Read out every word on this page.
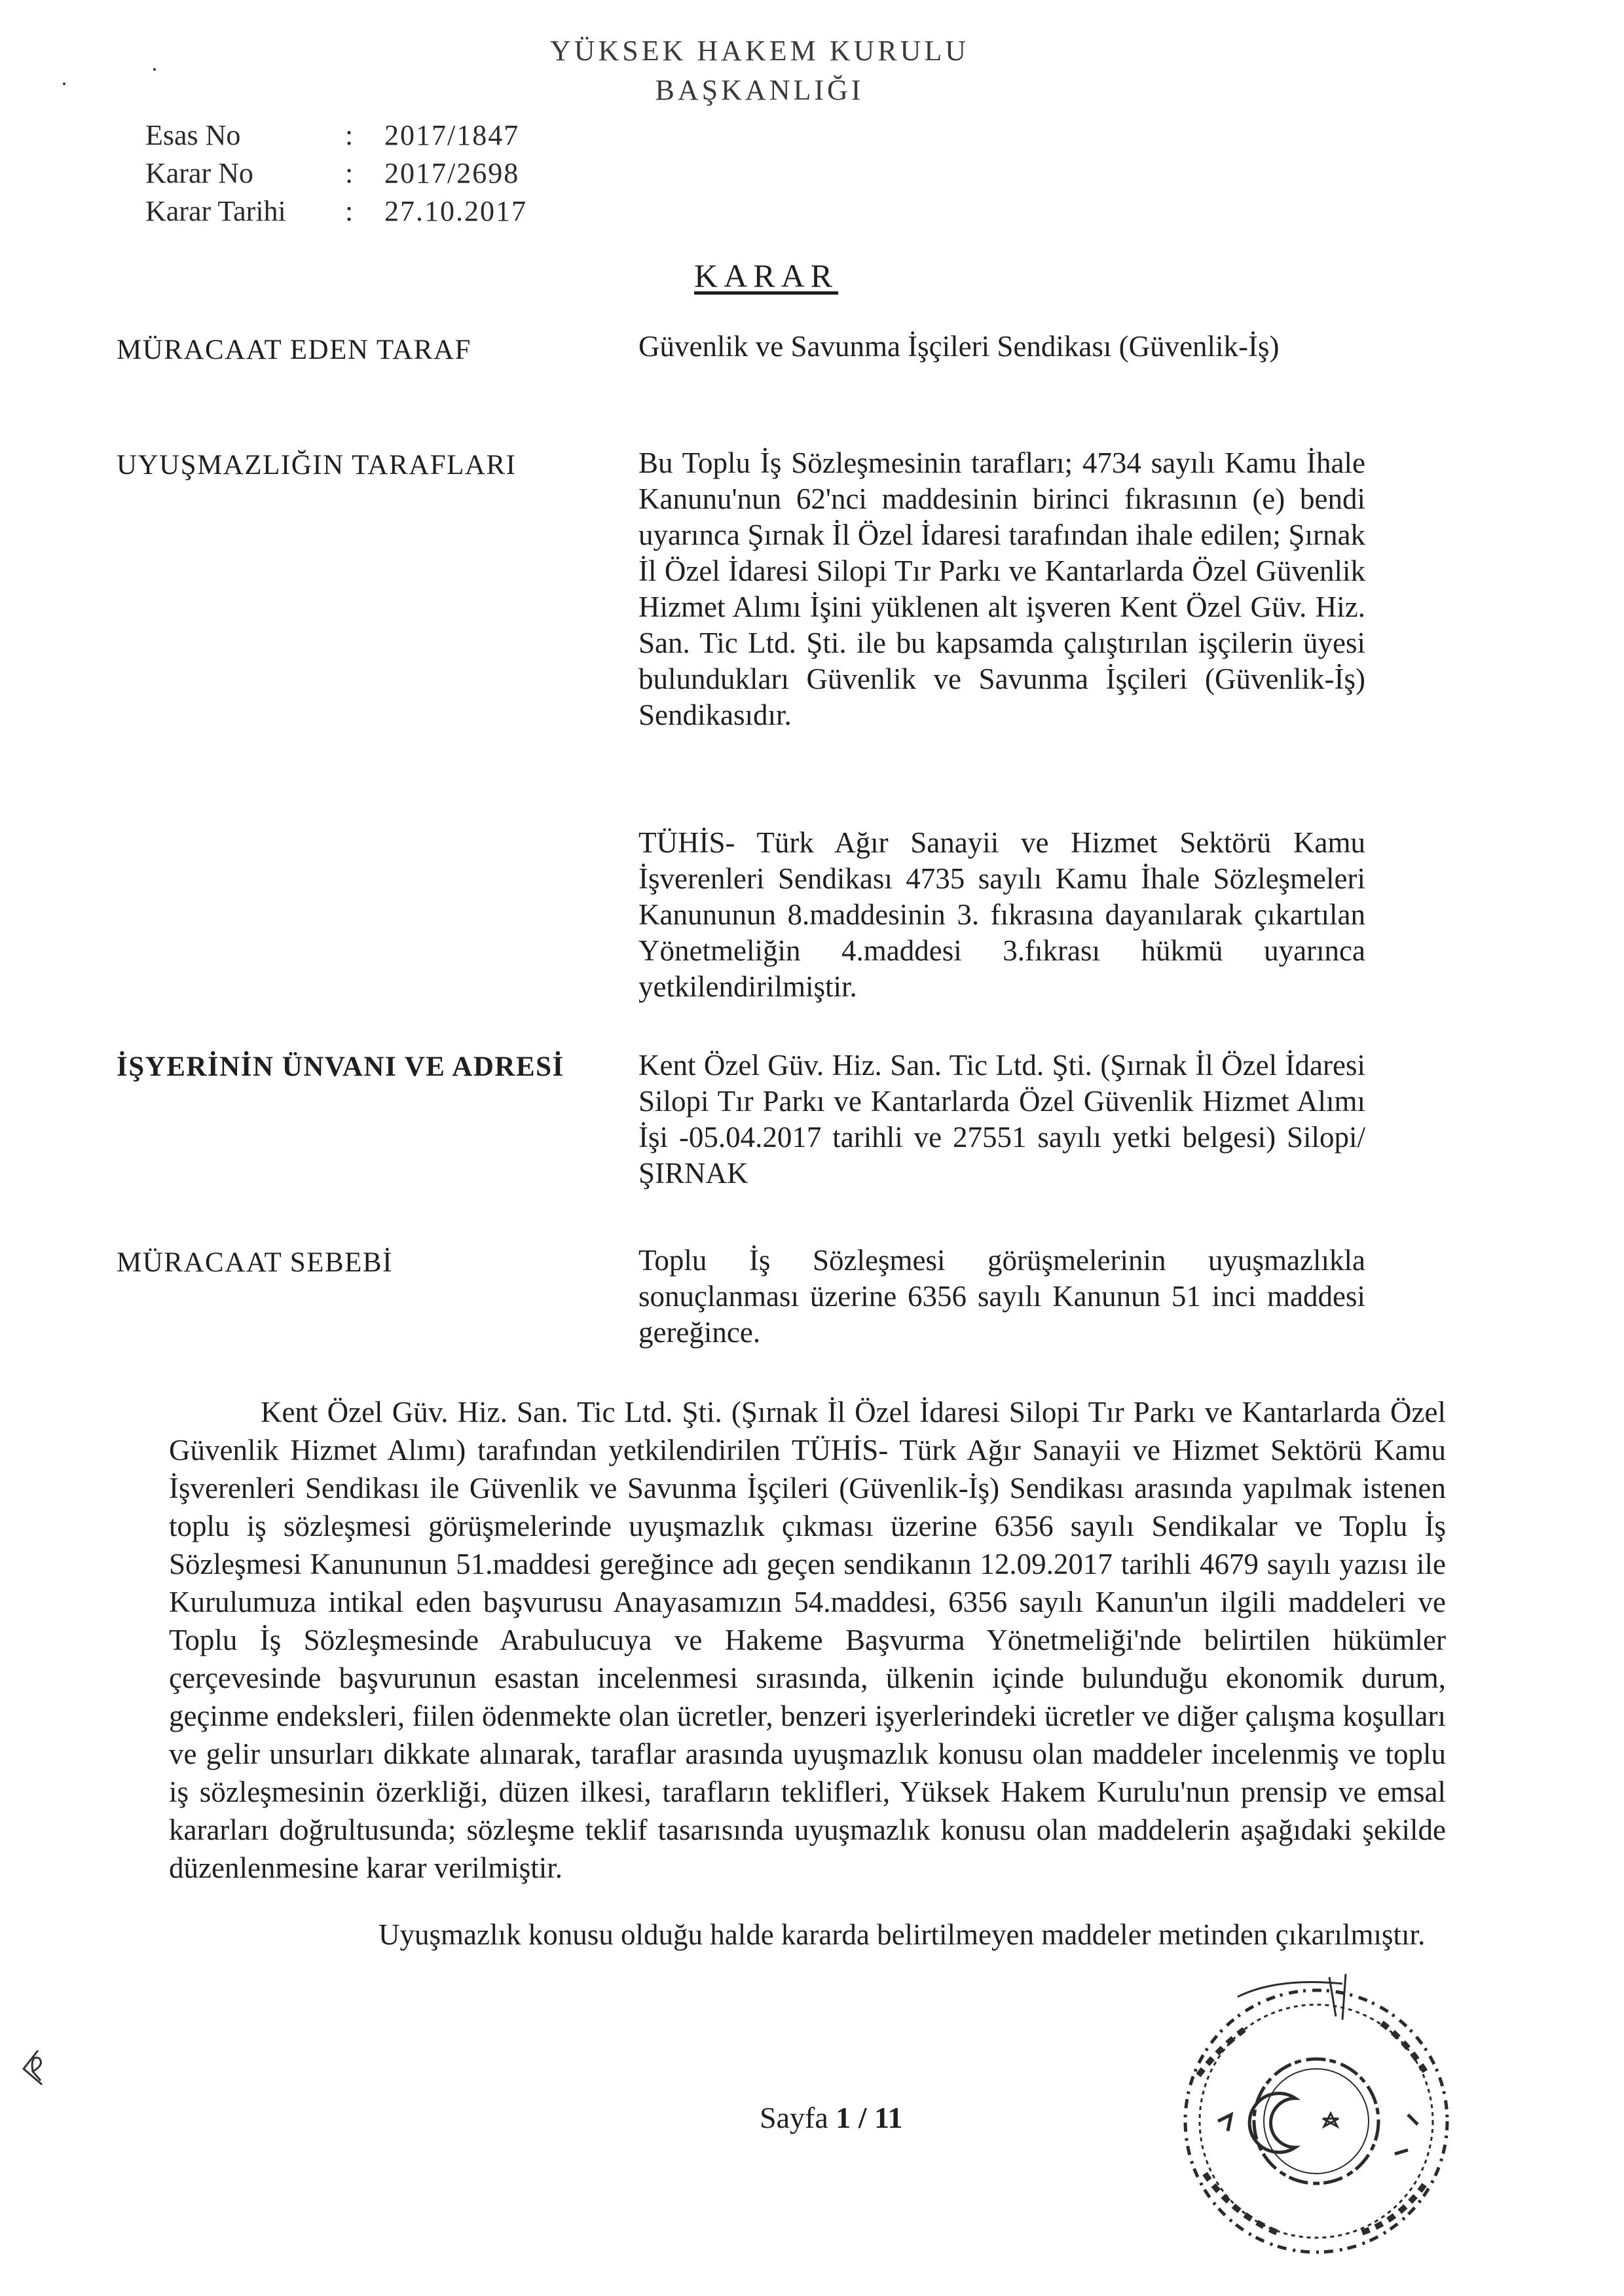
YÜKSEK HAKEM KURULU
BAŞKANLIĞI
Esas No	:	2017/1847
Karar No	:	2017/2698
Karar Tarihi	:	27.10.2017
KARAR
MÜRACAAT EDEN TARAF	Güvenlik ve Savunma İşçileri Sendikası (Güvenlik-İş)

UYUŞMAZLIĞIN TARAFLARI	Bu Toplu İş Sözleşmesinin tarafları; 4734 sayılı Kamu İhale Kanunu'nun 62'nci maddesinin birinci fıkrasının (e) bendi uyarınca Şırnak İl Özel İdaresi tarafından ihale edilen; Şırnak İl Özel İdaresi Silopi Tır Parkı ve Kantarlarda Özel Güvenlik Hizmet Alımı İşini yüklenen alt işveren Kent Özel Güv. Hiz. San. Tic Ltd. Şti. ile bu kapsamda çalıştırılan işçilerin üyesi bulundukları Güvenlik ve Savunma İşçileri (Güvenlik-İş) Sendikasıdır.

TÜHİS- Türk Ağır Sanayii ve Hizmet Sektörü Kamu İşverenleri Sendikası 4735 sayılı Kamu İhale Sözleşmeleri Kanununun 8.maddesinin 3. fıkrasına dayanılarak çıkartılan Yönetmeliğin 4.maddesi 3.fıkrası hükmü uyarınca yetkilendirilmiştir.

İŞYERİNİN ÜNVANI VE ADRESİ	Kent Özel Güv. Hiz. San. Tic Ltd. Şti. (Şırnak İl Özel İdaresi Silopi Tır Parkı ve Kantarlarda Özel Güvenlik Hizmet Alımı İşi -05.04.2017 tarihli ve 27551 sayılı yetki belgesi) Silopi/ŞIRNAK

MÜRACAAT SEBEBİ	Toplu İş Sözleşmesi görüşmelerinin uyuşmazlıkla sonuçlanması üzerine 6356 sayılı Kanunun 51 inci maddesi gereğince.

Kent Özel Güv. Hiz. San. Tic Ltd. Şti. (Şırnak İl Özel İdaresi Silopi Tır Parkı ve Kantarlarda Özel Güvenlik Hizmet Alımı) tarafından yetkilendirilen TÜHİS- Türk Ağır Sanayii ve Hizmet Sektörü Kamu İşverenleri Sendikası ile Güvenlik ve Savunma İşçileri (Güvenlik-İş) Sendikası arasında yapılmak istenen toplu iş sözleşmesi görüşmelerinde uyuşmazlık çıkması üzerine 6356 sayılı Sendikalar ve Toplu İş Sözleşmesi Kanununun 51.maddesi gereğince adı geçen sendikanın 12.09.2017 tarihli 4679 sayılı yazısı ile Kurulumuza intikal eden başvurusu Anayasamızın 54.maddesi, 6356 sayılı Kanun'un ilgili maddeleri ve Toplu İş Sözleşmesinde Arabulucuya ve Hakeme Başvurma Yönetmeliği'nde belirtilen hükümler çerçevesinde başvurunun esastan incelenmesi sırasında, ülkenin içinde bulunduğu ekonomik durum, geçinme endeksleri, fiilen ödenmekte olan ücretler, benzeri işyerlerindeki ücretler ve diğer çalışma koşulları ve gelir unsurları dikkate alınarak, taraflar arasında uyuşmazlık konusu olan maddeler incelenmiş ve toplu iş sözleşmesinin özerkliği, düzen ilkesi, tarafların teklifleri, Yüksek Hakem Kurulu'nun prensip ve emsal kararları doğrultusunda; sözleşme teklif tasarısında uyuşmazlık konusu olan maddelerin aşağıdaki şekilde düzenlenmesine karar verilmiştir.

Uyuşmazlık konusu olduğu halde kararda belirtilmeyen maddeler metinden çıkarılmıştır.

Sayfa 1 / 11
